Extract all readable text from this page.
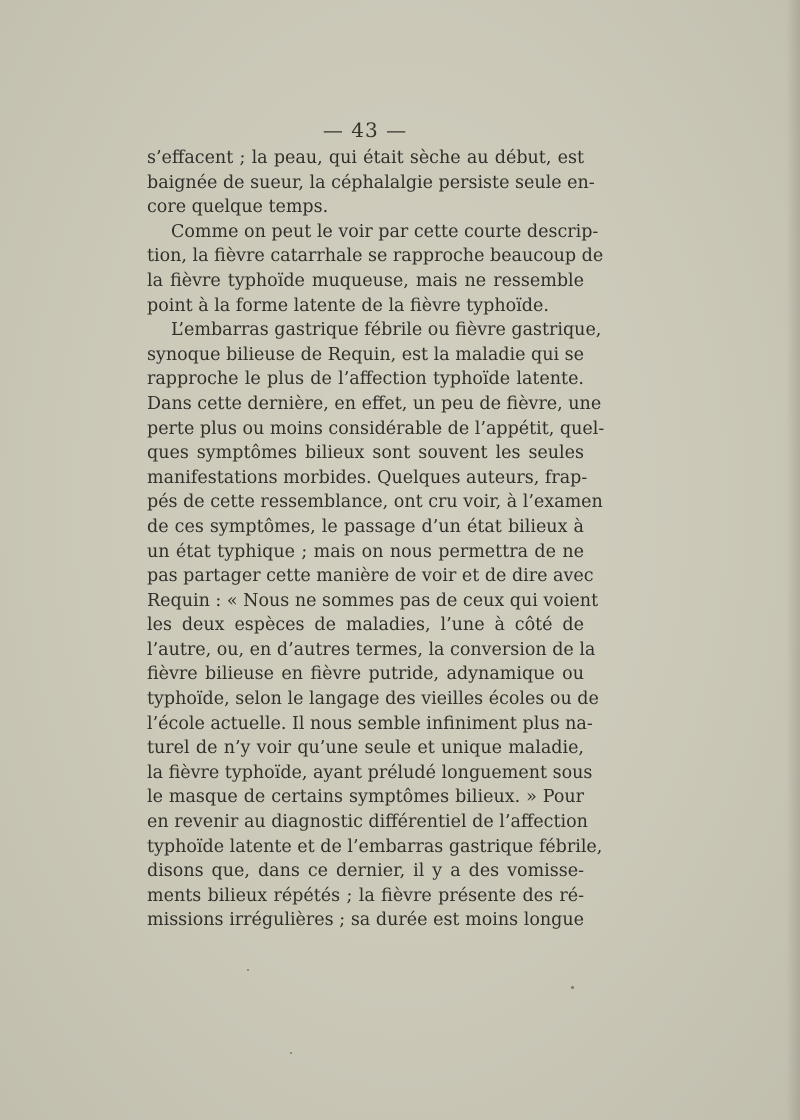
— 43 —
s’effacent ; la peau, qui était sèche au début, est
baignée de sueur, la céphalalgie persiste seule en-
core quelque temps.
Comme on peut le voir par cette courte descrip-
tion, la fièvre catarrhale se rapproche beaucoup de
la fièvre typhoïde muqueuse, mais ne ressemble
point à la forme latente de la fièvre typhoïde.
L’embarras gastrique fébrile ou fièvre gastrique,
synoque bilieuse de Requin, est la maladie qui se
rapproche le plus de l’affection typhoïde latente.
Dans cette dernière, en effet, un peu de fièvre, une
perte plus ou moins considérable de l’appétit, quel-
ques symptômes bilieux sont souvent les seules
manifestations morbides. Quelques auteurs, frap-
pés de cette ressemblance, ont cru voir, à l’examen
de ces symptômes, le passage d’un état bilieux à
un état typhique ; mais on nous permettra de ne
pas partager cette manière de voir et de dire avec
Requin : « Nous ne sommes pas de ceux qui voient
les deux espèces de maladies, l’une à côté de
l’autre, ou, en d’autres termes, la conversion de la
fièvre bilieuse en fièvre putride, adynamique ou
typhoïde, selon le langage des vieilles écoles ou de
l’école actuelle. Il nous semble infiniment plus na-
turel de n’y voir qu’une seule et unique maladie,
la fièvre typhoïde, ayant préludé longuement sous
le masque de certains symptômes bilieux. » Pour
en revenir au diagnostic différentiel de l’affection
typhoïde latente et de l’embarras gastrique fébrile,
disons que, dans ce dernier, il y a des vomisse-
ments bilieux répétés ; la fièvre présente des ré-
missions irrégulières ; sa durée est moins longue
